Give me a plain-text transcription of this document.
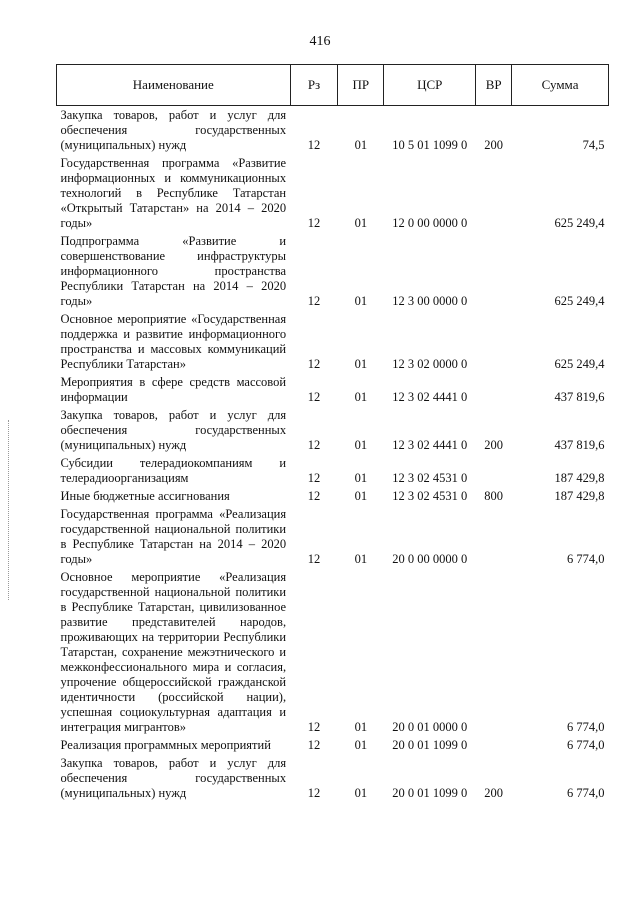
416
Наименование	Рз	ПР	ЦСР	ВР	Сумма
Закупка товаров, работ и услуг для обеспечения государственных (муниципальных) нужд	12	01	10 5 01 1099 0	200	74,5
Государственная программа «Развитие информационных и коммуникационных технологий в Республике Татарстан «Открытый Татарстан» на 2014 – 2020 годы»	12	01	12 0 00 0000 0		625 249,4
Подпрограмма «Развитие и совершенствование инфраструктуры информационного пространства Республики Татарстан на 2014 – 2020 годы»	12	01	12 3 00 0000 0		625 249,4
Основное мероприятие «Государственная поддержка и развитие информационного пространства и массовых коммуникаций Республики Татарстан»	12	01	12 3 02 0000 0		625 249,4
Мероприятия в сфере средств массовой информации	12	01	12 3 02 4441 0		437 819,6
Закупка товаров, работ и услуг для обеспечения государственных (муниципальных) нужд	12	01	12 3 02 4441 0	200	437 819,6
Субсидии телерадиокомпаниям и телерадиоорганизациям	12	01	12 3 02 4531 0		187 429,8
Иные бюджетные ассигнования	12	01	12 3 02 4531 0	800	187 429,8
Государственная программа «Реализация государственной национальной политики в Республике Татарстан на 2014 – 2020 годы»	12	01	20 0 00 0000 0		6 774,0
Основное мероприятие «Реализация государственной национальной политики в Республике Татарстан, цивилизованное развитие представителей народов, проживающих на территории Республики Татарстан, сохранение межэтнического и межконфессионального мира и согласия, упрочение общероссийской гражданской идентичности (российской нации), успешная социокультурная адаптация и интеграция мигрантов»	12	01	20 0 01 0000 0		6 774,0
Реализация программных мероприятий	12	01	20 0 01 1099 0		6 774,0
Закупка товаров, работ и услуг для обеспечения государственных (муниципальных) нужд	12	01	20 0 01 1099 0	200	6 774,0
